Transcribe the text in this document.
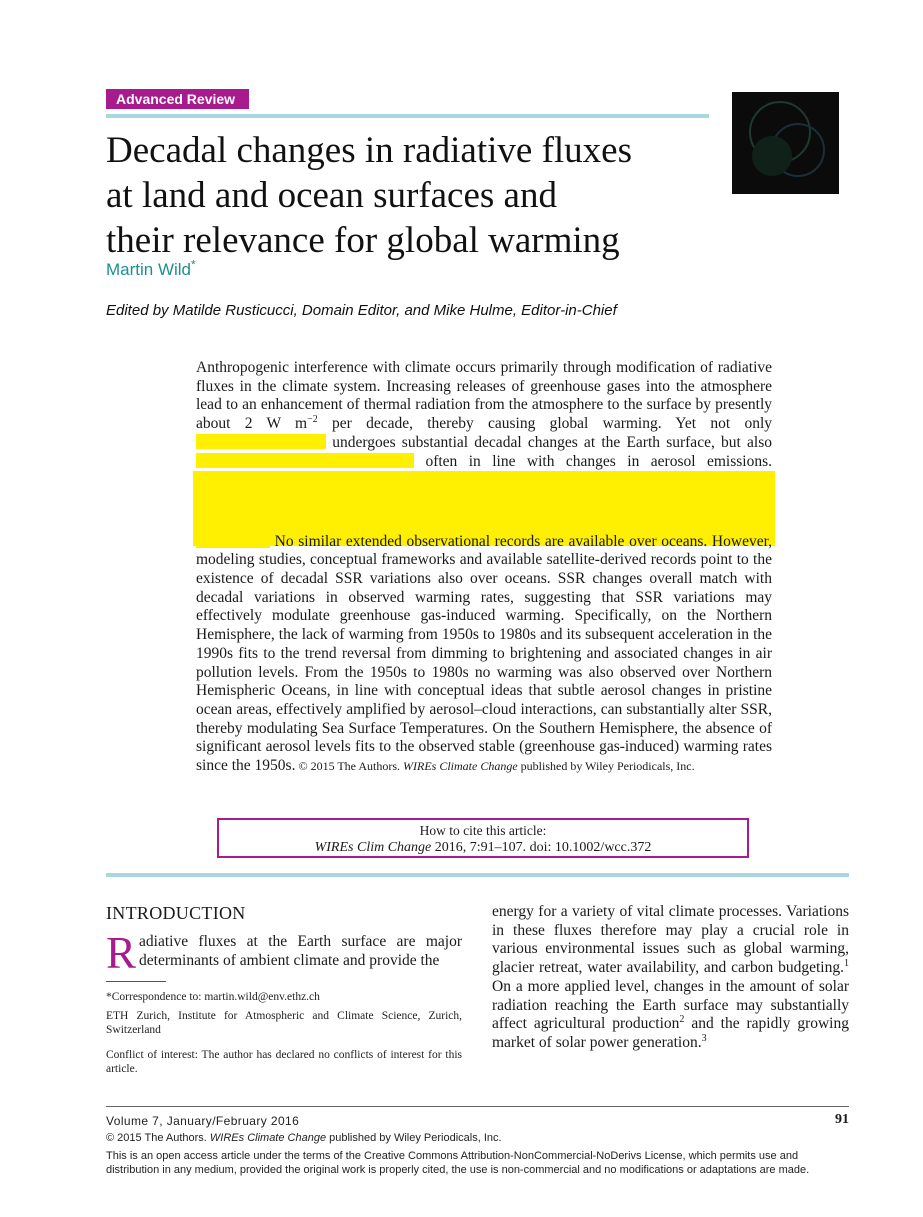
Advanced Review
Decadal changes in radiative fluxes
at land and ocean surfaces and
their relevance for global warming
Martin Wild*
Edited by Matilde Rusticucci, Domain Editor, and Mike Hulme, Editor-in-Chief
Anthropogenic interference with climate occurs primarily through modification of radiative fluxes in the climate system. Increasing releases of greenhouse gases into the atmosphere lead to an enhancement of thermal radiation from the atmosphere to the surface by presently about 2 W $m^{-2}$ per decade, thereby causing global warming. Yet not only  undergoes substantial decadal changes at the Earth surface, but also  often in line with changes in aerosol emissions.  No similar extended observational records are available over oceans. However, modeling studies, conceptual frameworks and available satellite-derived records point to the existence of decadal SSR variations also over oceans. SSR changes overall match with decadal variations in observed warming rates, suggesting that SSR variations may effectively modulate greenhouse gas-induced warming. Specifically, on the Northern Hemisphere, the lack of warming from 1950s to 1980s and its subsequent acceleration in the 1990s fits to the trend reversal from dimming to brightening and associated changes in air pollution levels. From the 1950s to 1980s no warming was also observed over Northern Hemispheric Oceans, in line with conceptual ideas that subtle aerosol changes in pristine ocean areas, effectively amplified by aerosol–cloud interactions, can substantially alter SSR, thereby modulating Sea Surface Temperatures. On the Southern Hemisphere, the absence of significant aerosol levels fits to the observed stable (greenhouse gas-induced) warming rates since the 1950s. © 2015 The Authors. WIREs Climate Change published by Wiley Periodicals, Inc.
How to cite this article:
WIREs Clim Change 2016, 7:91–107. doi: 10.1002/wcc.372
INTRODUCTION
Radiative fluxes at the Earth surface are major determinants of ambient climate and provide the
*Correspondence to: martin.wild@env.ethz.ch
ETH Zurich, Institute for Atmospheric and Climate Science, Zurich, Switzerland
Conflict of interest: The author has declared no conflicts of interest for this article.
energy for a variety of vital climate processes. Variations in these fluxes therefore may play a crucial role in various environmental issues such as global warming, glacier retreat, water availability, and carbon budgeting.$^1$ On a more applied level, changes in the amount of solar radiation reaching the Earth surface may substantially affect agricultural production$^2$ and the rapidly growing market of solar power generation.$^3$
Volume 7, January/February 2016	91
© 2015 The Authors. WIREs Climate Change published by Wiley Periodicals, Inc.
This is an open access article under the terms of the Creative Commons Attribution-NonCommercial-NoDerivs License, which permits use and distribution in any medium, provided the original work is properly cited, the use is non-commercial and no modifications or adaptations are made.
